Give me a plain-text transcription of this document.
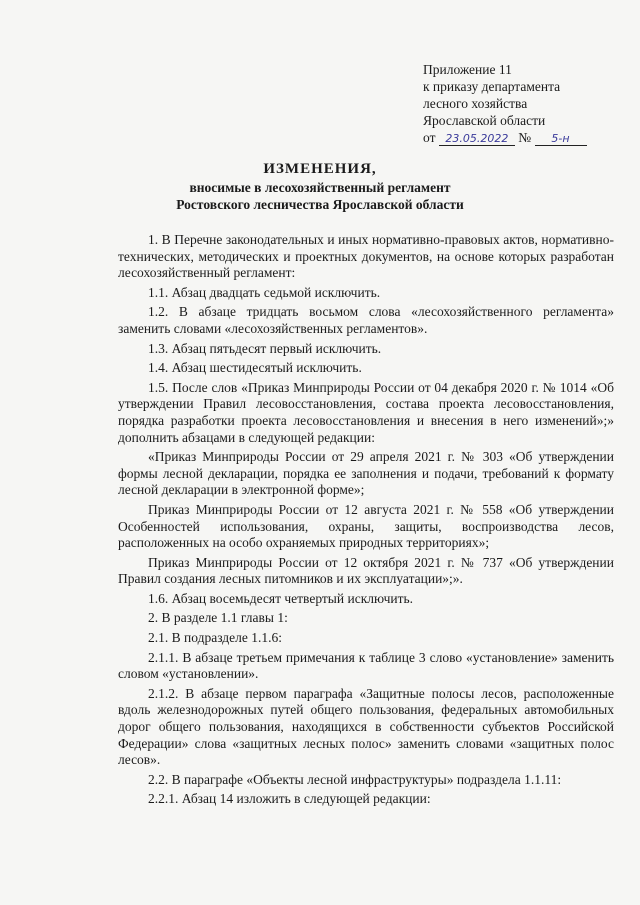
Приложение 11
к приказу департамента
лесного хозяйства
Ярославской области
от 23.05.2022 № 5-н
ИЗМЕНЕНИЯ,
вносимые в лесохозяйственный регламент
Ростовского лесничества Ярославской области

1. В Перечне законодательных и иных нормативно-правовых актов, нормативно-технических, методических и проектных документов, на основе которых разработан лесохозяйственный регламент:

1.1. Абзац двадцать седьмой исключить.

1.2. В абзаце тридцать восьмом слова «лесохозяйственного регламента» заменить словами «лесохозяйственных регламентов».

1.3. Абзац пятьдесят первый исключить.

1.4. Абзац шестидесятый исключить.

1.5. После слов «Приказ Минприроды России от 04 декабря 2020 г. № 1014 «Об утверждении Правил лесовосстановления, состава проекта лесовосстановления, порядка разработки проекта лесовосстановления и внесения в него изменений»;» дополнить абзацами в следующей редакции:

«Приказ Минприроды России от 29 апреля 2021 г. № 303 «Об утверждении формы лесной декларации, порядка ее заполнения и подачи, требований к формату лесной декларации в электронной форме»;

Приказ Минприроды России от 12 августа 2021 г. № 558 «Об утверждении Особенностей использования, охраны, защиты, воспроизводства лесов, расположенных на особо охраняемых природных территориях»;

Приказ Минприроды России от 12 октября 2021 г. № 737 «Об утверждении Правил создания лесных питомников и их эксплуатации»;».

1.6. Абзац восемьдесят четвертый исключить.

2. В разделе 1.1 главы 1:

2.1. В подразделе 1.1.6:

2.1.1. В абзаце третьем примечания к таблице 3 слово «установление» заменить словом «установлении».

2.1.2. В абзаце первом параграфа «Защитные полосы лесов, расположенные вдоль железнодорожных путей общего пользования, федеральных автомобильных дорог общего пользования, находящихся в собственности субъектов Российской Федерации» слова «защитных лесных полос» заменить словами «защитных полос лесов».

2.2. В параграфе «Объекты лесной инфраструктуры» подраздела 1.1.11:

2.2.1. Абзац 14 изложить в следующей редакции:
